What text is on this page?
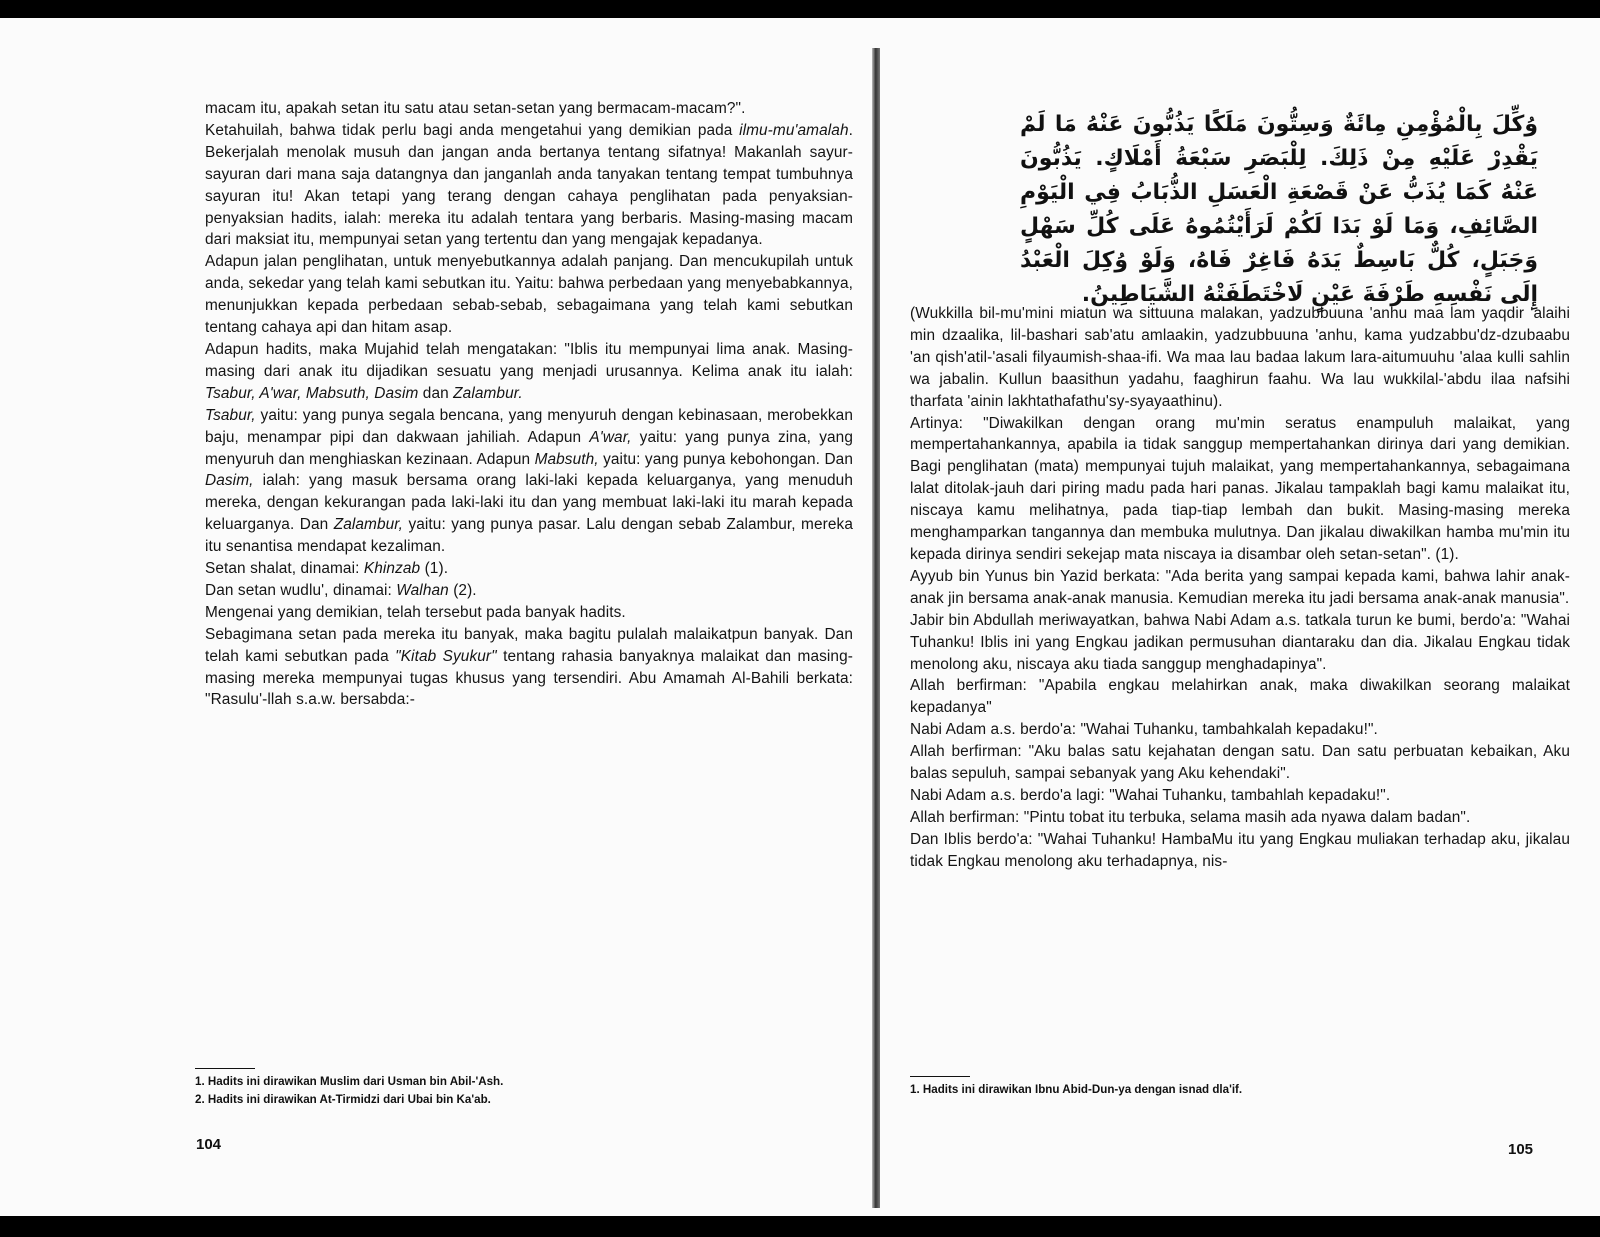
macam itu, apakah setan itu satu atau setan-setan yang bermacam-macam?".

Ketahuilah, bahwa tidak perlu bagi anda mengetahui yang demikian pada ilmu-mu'amalah. Bekerjalah menolak musuh dan jangan anda bertanya tentang sifatnya! Makanlah sayur-sayuran dari mana saja datangnya dan janganlah anda tanyakan tentang tempat tumbuhnya sayuran itu! Akan tetapi yang terang dengan cahaya penglihatan pada penyaksian-penyaksian hadits, ialah: mereka itu adalah tentara yang berbaris. Masing-masing macam dari maksiat itu, mempunyai setan yang tertentu dan yang mengajak kepadanya.

Adapun jalan penglihatan, untuk menyebutkannya adalah panjang. Dan mencukupilah untuk anda, sekedar yang telah kami sebutkan itu. Yaitu: bahwa perbedaan yang menyebabkannya, menunjukkan kepada perbedaan sebab-sebab, sebagaimana yang telah kami sebutkan tentang cahaya api dan hitam asap.

Adapun hadits, maka Mujahid telah mengatakan: "Iblis itu mempunyai lima anak. Masing-masing dari anak itu dijadikan sesuatu yang menjadi urusannya. Kelima anak itu ialah: Tsabur, A'war, Mabsuth, Dasim dan Zalambur.

Tsabur, yaitu: yang punya segala bencana, yang menyuruh dengan kebinasaan, merobekkan baju, menampar pipi dan dakwaan jahiliah. Adapun A'war, yaitu: yang punya zina, yang menyuruh dan menghiaskan kezinaan. Adapun Mabsuth, yaitu: yang punya kebohongan. Dan Dasim, ialah: yang masuk bersama orang laki-laki kepada keluarganya, yang menuduh mereka, dengan kekurangan pada laki-laki itu dan yang membuat laki-laki itu marah kepada keluarganya. Dan Zalambur, yaitu: yang punya pasar. Lalu dengan sebab Zalambur, mereka itu senantisa mendapat kezaliman.

Setan shalat, dinamai: Khinzab (1).

Dan setan wudlu', dinamai: Walhan (2).

Mengenai yang demikian, telah tersebut pada banyak hadits.

Sebagimana setan pada mereka itu banyak, maka bagitu pulalah malaikatpun banyak. Dan telah kami sebutkan pada "Kitab Syukur" tentang rahasia banyaknya malaikat dan masing-masing mereka mempunyai tugas khusus yang tersendiri. Abu Amamah Al-Bahili berkata: "Rasulu'-llah s.a.w. bersabda:-

1. Hadits ini dirawikan Muslim dari Usman bin Abil-'Ash.

2. Hadits ini dirawikan At-Tirmidzi dari Ubai bin Ka'ab.

104
وُكِّلَ بِالْمُؤْمِنِ مِائَةٌ وَسِتُّونَ مَلَكًا يَذُبُّونَ عَنْهُ مَا لَمْ يَقْدِرْ عَلَيْهِ مِنْ ذَلِكَ. لِلْبَصَرِ سَبْعَةُ أَمْلَاكٍ. يَذُبُّونَ عَنْهُ كَمَا يُذَبُّ عَنْ قَصْعَةِ الْعَسَلِ الذُّبَابُ فِي الْيَوْمِ الصَّائِفِ، وَمَا لَوْ بَدَا لَكُمْ لَرَأَيْتُمُوهُ عَلَى كُلِّ سَهْلٍ وَجَبَلٍ، كُلٌّ بَاسِطٌ يَدَهُ فَاغِرٌ فَاهُ، وَلَوْ وُكِلَ الْعَبْدُ إِلَى نَفْسِهِ طَرْفَةَ عَيْنٍ لَاخْتَطَفَتْهُ الشَّيَاطِينُ.

(Wukkilla bil-mu'mini miatun wa sittuuna malakan, yadzubbuuna 'anhu maa lam yaqdir 'alaihi min dzaalika, lil-bashari sab'atu amlaakin, yadzubbuuna 'anhu, kama yudzabbu'dz-dzubaabu 'an qish'atil-'asali filyaumish-shaa-ifi. Wa maa lau badaa lakum lara-aitumuuhu 'alaa kulli sahlin wa jabalin. Kullun baasithun yadahu, faaghirun faahu. Wa lau wukkilal-'abdu ilaa nafsihi tharfata 'ainin lakhtathafathu'sy-syayaathinu).

Artinya: "Diwakilkan dengan orang mu'min seratus enampuluh malaikat, yang mempertahankannya, apabila ia tidak sanggup mempertahankan dirinya dari yang demikian. Bagi penglihatan (mata) mempunyai tujuh malaikat, yang mempertahankannya, sebagaimana lalat ditolak-jauh dari piring madu pada hari panas. Jikalau tampaklah bagi kamu malaikat itu, niscaya kamu melihatnya, pada tiap-tiap lembah dan bukit. Masing-masing mereka menghamparkan tangannya dan membuka mulutnya. Dan jikalau diwakilkan hamba mu'min itu kepada dirinya sendiri sekejap mata niscaya ia disambar oleh setan-setan". (1).

Ayyub bin Yunus bin Yazid berkata: "Ada berita yang sampai kepada kami, bahwa lahir anak-anak jin bersama anak-anak manusia. Kemudian mereka itu jadi bersama anak-anak manusia".

Jabir bin Abdullah meriwayatkan, bahwa Nabi Adam a.s. tatkala turun ke bumi, berdo'a: "Wahai Tuhanku! Iblis ini yang Engkau jadikan permusuhan diantaraku dan dia. Jikalau Engkau tidak menolong aku, niscaya aku tiada sanggup menghadapinya".

Allah berfirman: "Apabila engkau melahirkan anak, maka diwakilkan seorang malaikat kepadanya"

Nabi Adam a.s. berdo'a: "Wahai Tuhanku, tambahkalah kepadaku!".

Allah berfirman: "Aku balas satu kejahatan dengan satu. Dan satu perbuatan kebaikan, Aku balas sepuluh, sampai sebanyak yang Aku kehendaki".

Nabi Adam a.s. berdo'a lagi: "Wahai Tuhanku, tambahlah kepadaku!".

Allah berfirman: "Pintu tobat itu terbuka, selama masih ada nyawa dalam badan".

Dan Iblis berdo'a: "Wahai Tuhanku! HambaMu itu yang Engkau muliakan terhadap aku, jikalau tidak Engkau menolong aku terhadapnya, nis-

1. Hadits ini dirawikan Ibnu Abid-Dun-ya dengan isnad dla'if.

105
